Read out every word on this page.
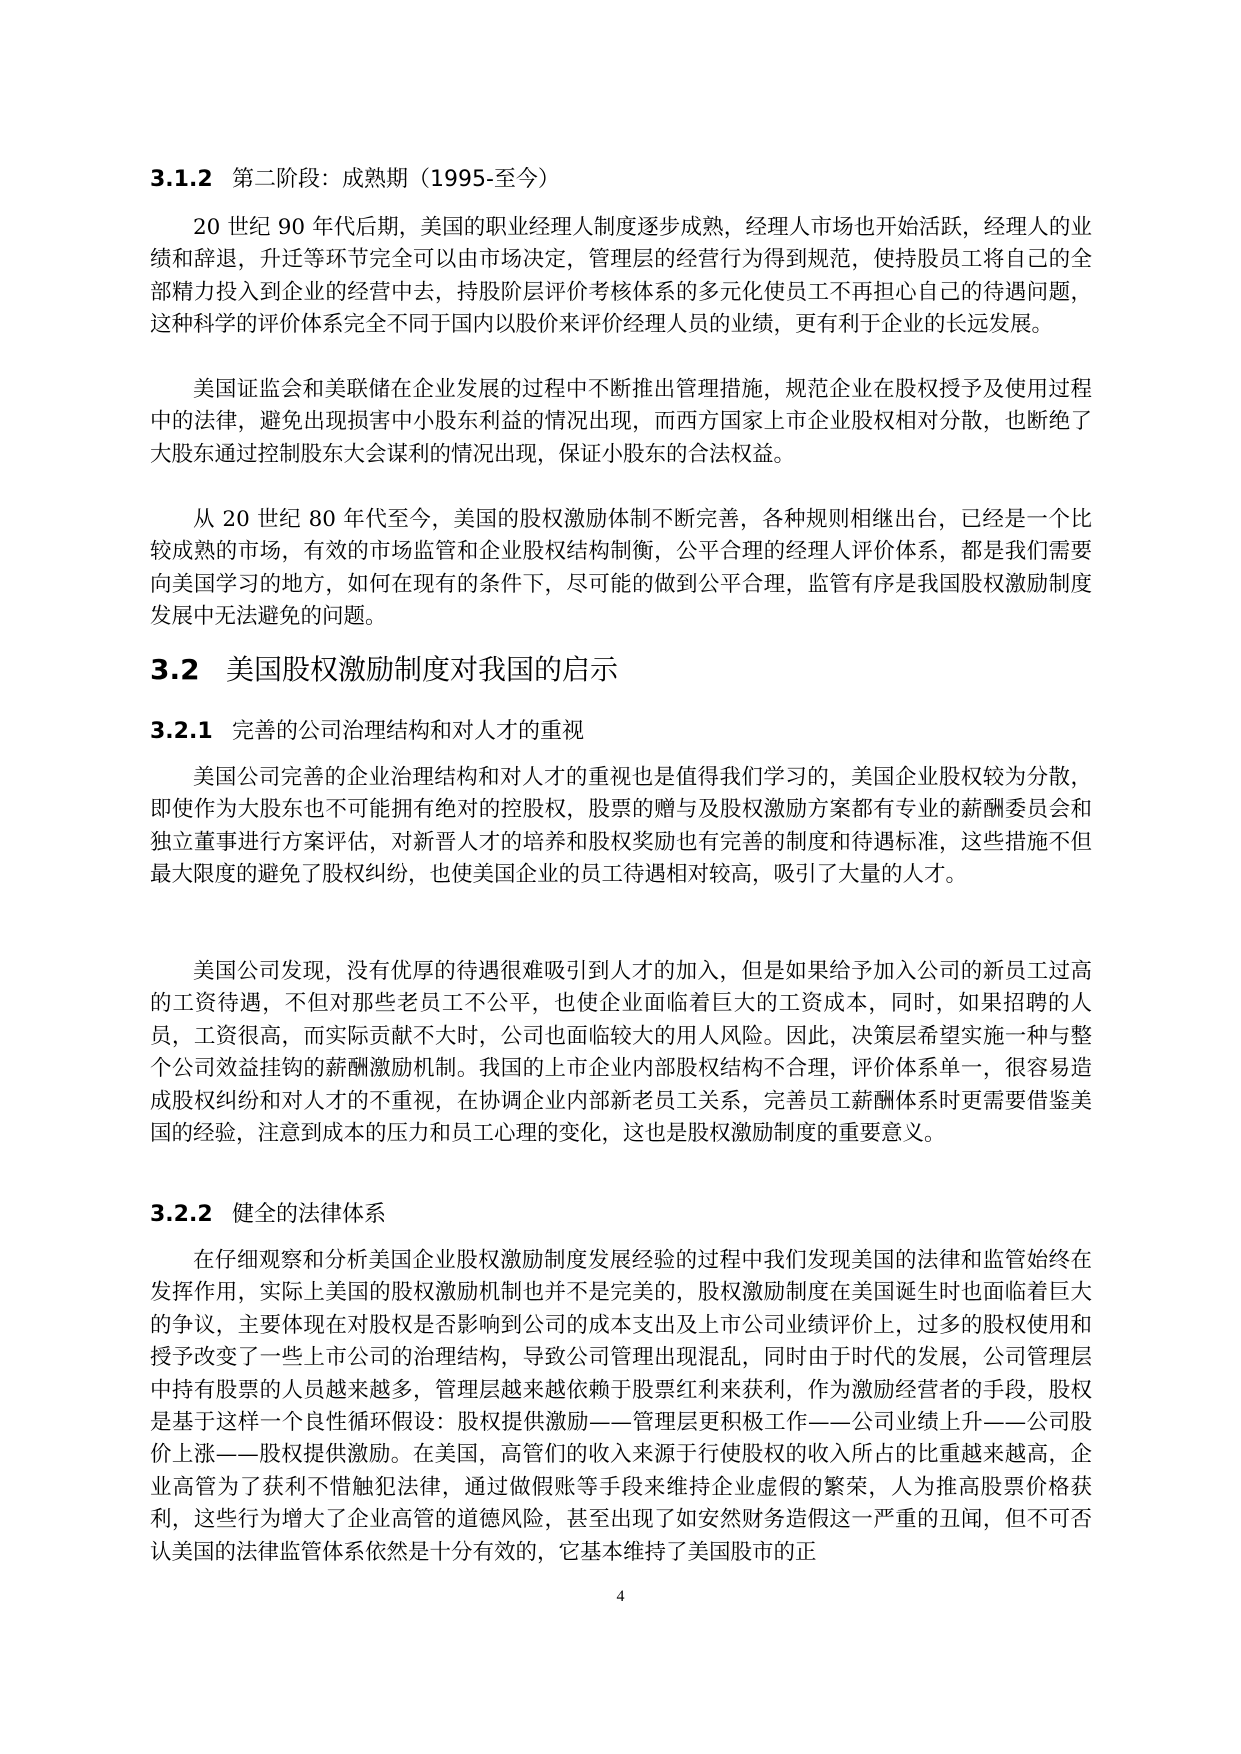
3.1.2 第二阶段：成熟期（1995-至今）

20 世纪 90 年代后期，美国的职业经理人制度逐步成熟，经理人市场也开始活跃，经理人的业绩和辞退，升迁等环节完全可以由市场决定，管理层的经营行为得到规范，使持股员工将自己的全部精力投入到企业的经营中去，持股阶层评价考核体系的多元化使员工不再担心自己的待遇问题，这种科学的评价体系完全不同于国内以股价来评价经理人员的业绩，更有利于企业的长远发展。

美国证监会和美联储在企业发展的过程中不断推出管理措施，规范企业在股权授予及使用过程中的法律，避免出现损害中小股东利益的情况出现，而西方国家上市企业股权相对分散，也断绝了大股东通过控制股东大会谋利的情况出现，保证小股东的合法权益。

从 20 世纪 80 年代至今，美国的股权激励体制不断完善，各种规则相继出台，已经是一个比较成熟的市场，有效的市场监管和企业股权结构制衡，公平合理的经理人评价体系，都是我们需要向美国学习的地方，如何在现有的条件下，尽可能的做到公平合理，监管有序是我国股权激励制度发展中无法避免的问题。

3.2 美国股权激励制度对我国的启示
3.2.1 完善的公司治理结构和对人才的重视

美国公司完善的企业治理结构和对人才的重视也是值得我们学习的，美国企业股权较为分散，即使作为大股东也不可能拥有绝对的控股权，股票的赠与及股权激励方案都有专业的薪酬委员会和独立董事进行方案评估，对新晋人才的培养和股权奖励也有完善的制度和待遇标准，这些措施不但最大限度的避免了股权纠纷，也使美国企业的员工待遇相对较高，吸引了大量的人才。

美国公司发现，没有优厚的待遇很难吸引到人才的加入，但是如果给予加入公司的新员工过高的工资待遇，不但对那些老员工不公平，也使企业面临着巨大的工资成本，同时，如果招聘的人员，工资很高，而实际贡献不大时，公司也面临较大的用人风险。因此，决策层希望实施一种与整个公司效益挂钩的薪酬激励机制。我国的上市企业内部股权结构不合理，评价体系单一，很容易造成股权纠纷和对人才的不重视，在协调企业内部新老员工关系，完善员工薪酬体系时更需要借鉴美国的经验，注意到成本的压力和员工心理的变化，这也是股权激励制度的重要意义。

3.2.2 健全的法律体系

在仔细观察和分析美国企业股权激励制度发展经验的过程中我们发现美国的法律和监管始终在发挥作用，实际上美国的股权激励机制也并不是完美的，股权激励制度在美国诞生时也面临着巨大的争议，主要体现在对股权是否影响到公司的成本支出及上市公司业绩评价上，过多的股权使用和授予改变了一些上市公司的治理结构，导致公司管理出现混乱，同时由于时代的发展，公司管理层中持有股票的人员越来越多，管理层越来越依赖于股票红利来获利，作为激励经营者的手段，股权是基于这样一个良性循环假设：股权提供激励——管理层更积极工作——公司业绩上升——公司股价上涨——股权提供激励。在美国，高管们的收入来源于行使股权的收入所占的比重越来越高，企业高管为了获利不惜触犯法律，通过做假账等手段来维持企业虚假的繁荣，人为推高股票价格获利，这些行为增大了企业高管的道德风险，甚至出现了如安然财务造假这一严重的丑闻，但不可否认美国的法律监管体系依然是十分有效的，它基本维持了美国股市的正

4
